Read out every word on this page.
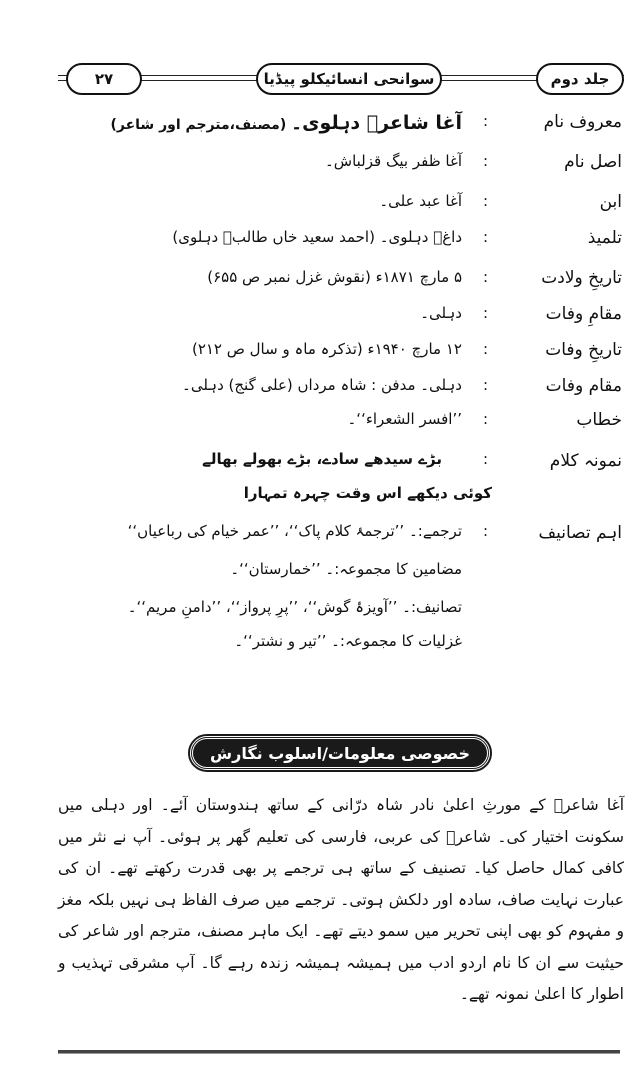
۲۷	سوانحی انسائیکلو پیڈیا	جلد دوم
معروف نام
:
آغا شاعرؔ دہلوی۔ (مصنف،مترجم اور شاعر)
اصل نام
:
آغا ظفر بیگ قزلباش۔
ابن
:
آغا عبد علی۔
تلمیذ
:
داغؔ دہلوی۔ (احمد سعید خاں طالبؔ دہلوی)
تاریخِ ولادت
:
۵ مارچ ۱۸۷۱ء (نقوش غزل نمبر ص ۶۵۵)
مقامِ وفات
:
دہلی۔
تاریخِ وفات
:
۱۲ مارچ ۱۹۴۰ء (تذکرہ ماہ و سال ص ۲۱۲)
مقام وفات
:
دہلی۔ مدفن : شاہ مرداں (علی گنج) دہلی۔
خطاب
:
’’افسر الشعراء‘‘۔
نمونہ کلام
:
بڑے سیدھے سادے، بڑے بھولے بھالے
کوئی دیکھے اس وقت چہرہ تمہارا
اہم تصانیف
:
ترجمے:۔ ’’ترجمۂ کلام پاک‘‘، ’’عمر خیام کی رباعیاں‘‘
مضامین کا مجموعہ:۔ ’’خمارستان‘‘۔
تصانیف:۔ ’’آویزۂ گوش‘‘، ’’پرِ پرواز‘‘، ’’دامنِ مریم‘‘۔
غزلیات کا مجموعہ:۔ ’’تیر و نشتر‘‘۔
خصوصی معلومات/اسلوب نگارش
آغا شاعرؔ کے مورثِ اعلیٰ نادر شاہ درّانی کے ساتھ ہندوستان آئے۔ اور دہلی میں سکونت اختیار کی۔ شاعرؔ کی عربی، فارسی کی تعلیم گھر پر ہوئی۔ آپ نے نثر میں کافی کمال حاصل کیا۔ تصنیف کے ساتھ ہی ترجمے پر بھی قدرت رکھتے تھے۔ ان کی عبارت نہایت صاف، سادہ اور دلکش ہوتی۔ ترجمے میں صرف الفاظ ہی نہیں بلکہ مغز و مفہوم کو بھی اپنی تحریر میں سمو دیتے تھے۔ ایک ماہر مصنف، مترجم اور شاعر کی حیثیت سے ان کا نام اردو ادب میں ہمیشہ ہمیشہ زندہ رہے گا۔ آپ مشرقی تہذیب و اطوار کا اعلیٰ نمونہ تھے۔
